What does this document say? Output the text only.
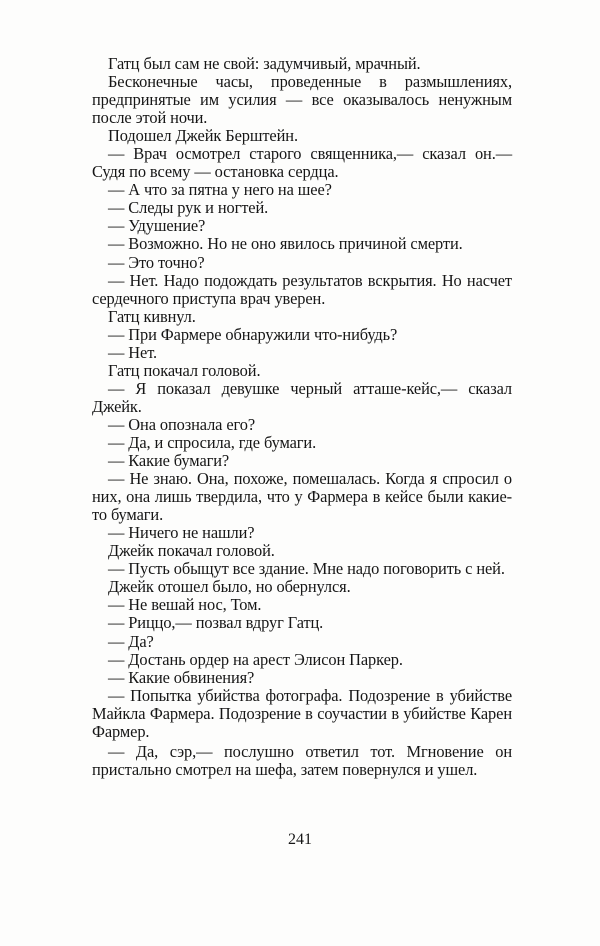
Гатц был сам не свой: задумчивый, мрачный.

Бесконечные часы, проведенные в размышлениях, предпринятые им усилия — все оказывалось ненужным после этой ночи.

Подошел Джейк Берштейн.

— Врач осмотрел старого священника,— сказал он.— Судя по всему — остановка сердца.

— А что за пятна у него на шее?

— Следы рук и ногтей.

— Удушение?

— Возможно. Но не оно явилось причиной смерти.

— Это точно?

— Нет. Надо подождать результатов вскрытия. Но насчет сердечного приступа врач уверен.

Гатц кивнул.

— При Фармере обнаружили что-нибудь?

— Нет.

Гатц покачал головой.

— Я показал девушке черный атташе-кейс,— сказал Джейк.

— Она опознала его?

— Да, и спросила, где бумаги.

— Какие бумаги?

— Не знаю. Она, похоже, помешалась. Когда я спросил о них, она лишь твердила, что у Фармера в кейсе были какие-то бумаги.

— Ничего не нашли?

Джейк покачал головой.

— Пусть обыщут все здание. Мне надо поговорить с ней.

Джейк отошел было, но обернулся.

— Не вешай нос, Том.

— Риццо,— позвал вдруг Гатц.

— Да?

— Достань ордер на арест Элисон Паркер.

— Какие обвинения?

— Попытка убийства фотографа. Подозрение в убийстве Майкла Фармера. Подозрение в соучастии в убийстве Карен Фармер.

— Да, сэр,— послушно ответил тот. Мгновение он пристально смотрел на шефа, затем повернулся и ушел.

241
